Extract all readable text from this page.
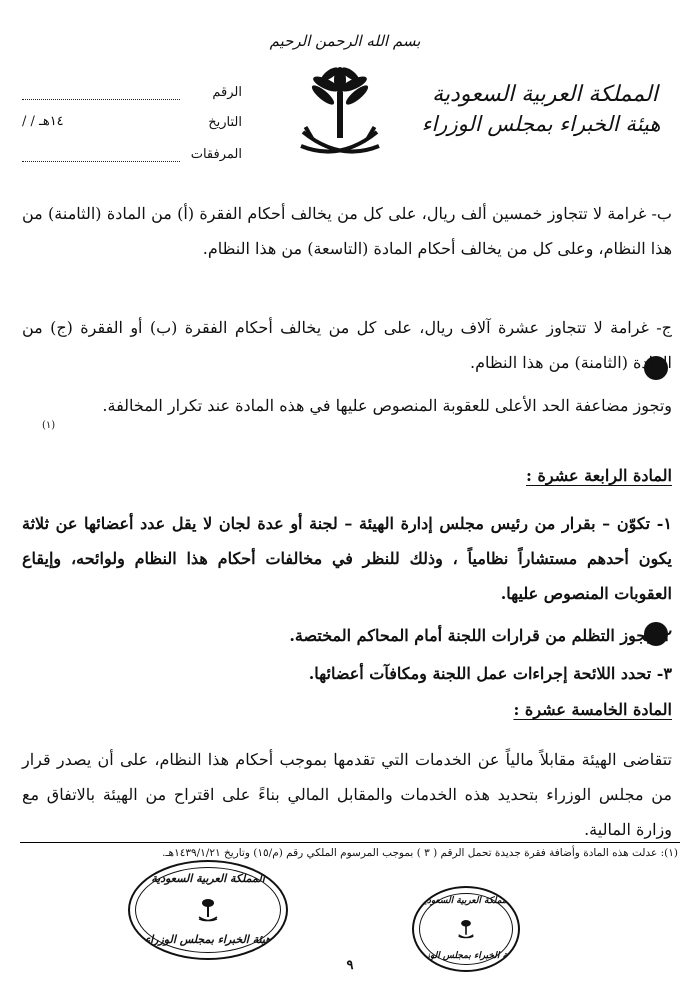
بسم الله الرحمن الرحيم
المملكة العربية السعودية
هيئة الخبراء بمجلس الوزراء
الرقم
التاريخ
/ / ١٤هـ
المرفقات
ب- غرامة لا تتجاوز خمسين ألف ريال، على كل من يخالف أحكام الفقرة (أ) من المادة (الثامنة) من هذا النظام، وعلى كل من يخالف أحكام المادة (التاسعة) من هذا النظام.
ج- غرامة لا تتجاوز عشرة آلاف ريال، على كل من يخالف أحكام الفقرة (ب) أو الفقرة (ج) من المادة (الثامنة) من هذا النظام.
وتجوز مضاعفة الحد الأعلى للعقوبة المنصوص عليها في هذه المادة عند تكرار المخالفة.
(١)
المادة الرابعة عشرة :
١- تكوّن – بقرار من رئيس مجلس إدارة الهيئة – لجنة أو عدة لجان لا يقل عدد أعضائها عن ثلاثة يكون أحدهم مستشاراً نظامياً ، وذلك للنظر في مخالفات أحكام هذا النظام ولوائحه، وإيقاع العقوبات المنصوص عليها.
٢- يجوز التظلم من قرارات اللجنة أمام المحاكم المختصة.
٣- تحدد اللائحة إجراءات عمل اللجنة ومكافآت أعضائها.
المادة الخامسة عشرة :
تتقاضى الهيئة مقابلاً مالياً عن الخدمات التي تقدمها بموجب أحكام هذا النظام، على أن يصدر قرار من مجلس الوزراء بتحديد هذه الخدمات والمقابل المالي بناءً على اقتراح من الهيئة بالاتفاق مع وزارة المالية.
(١): عدلت هذه المادة وأضافة فقرة جديدة تحمل الرقم ( ٣ ) بموجب المرسوم الملكي رقم (م/١٥) وتاريخ ١٤٣٩/١/٢١هـ.
المملكة العربية السعودية
هيئة الخبراء بمجلس الوزراء
المملكة العربية السعودية
هيئة الخبراء بمجلس الوزراء
٩
